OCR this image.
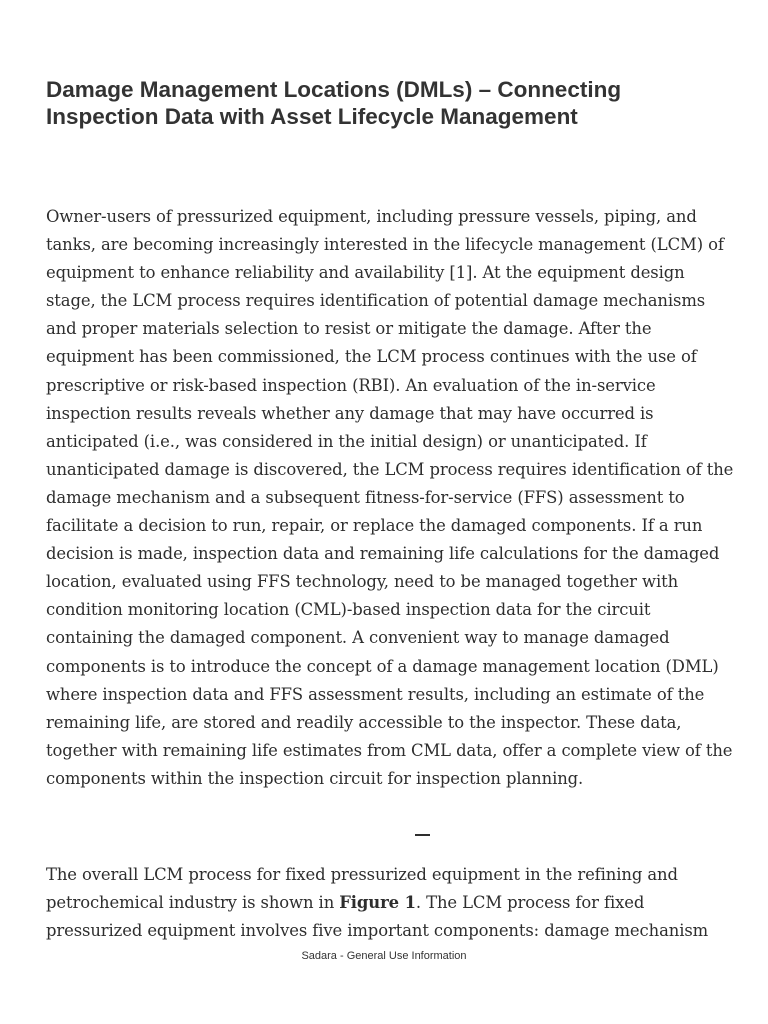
Damage Management Locations (DMLs) – Connecting Inspection Data with Asset Lifecycle Management

Owner-users of pressurized equipment, including pressure vessels, piping, and tanks, are becoming increasingly interested in the lifecycle management (LCM) of equipment to enhance reliability and availability [1]. At the equipment design stage, the LCM process requires identification of potential damage mechanisms and proper materials selection to resist or mitigate the damage. After the equipment has been commissioned, the LCM process continues with the use of prescriptive or risk-based inspection (RBI). An evaluation of the in-service inspection results reveals whether any damage that may have occurred is anticipated (i.e., was considered in the initial design) or unanticipated. If unanticipated damage is discovered, the LCM process requires identification of the damage mechanism and a subsequent fitness-for-service (FFS) assessment to facilitate a decision to run, repair, or replace the damaged components. If a run decision is made, inspection data and remaining life calculations for the damaged location, evaluated using FFS technology, need to be managed together with condition monitoring location (CML)-based inspection data for the circuit containing the damaged component. A convenient way to manage damaged components is to introduce the concept of a damage management location (DML) where inspection data and FFS assessment results, including an estimate of the remaining life, are stored and readily accessible to the inspector. These data, together with remaining life estimates from CML data, offer a complete view of the components within the inspection circuit for inspection planning.

The overall LCM process for fixed pressurized equipment in the refining and petrochemical industry is shown in Figure 1. The LCM process for fixed pressurized equipment involves five important components: damage mechanism

Sadara - General Use Information
